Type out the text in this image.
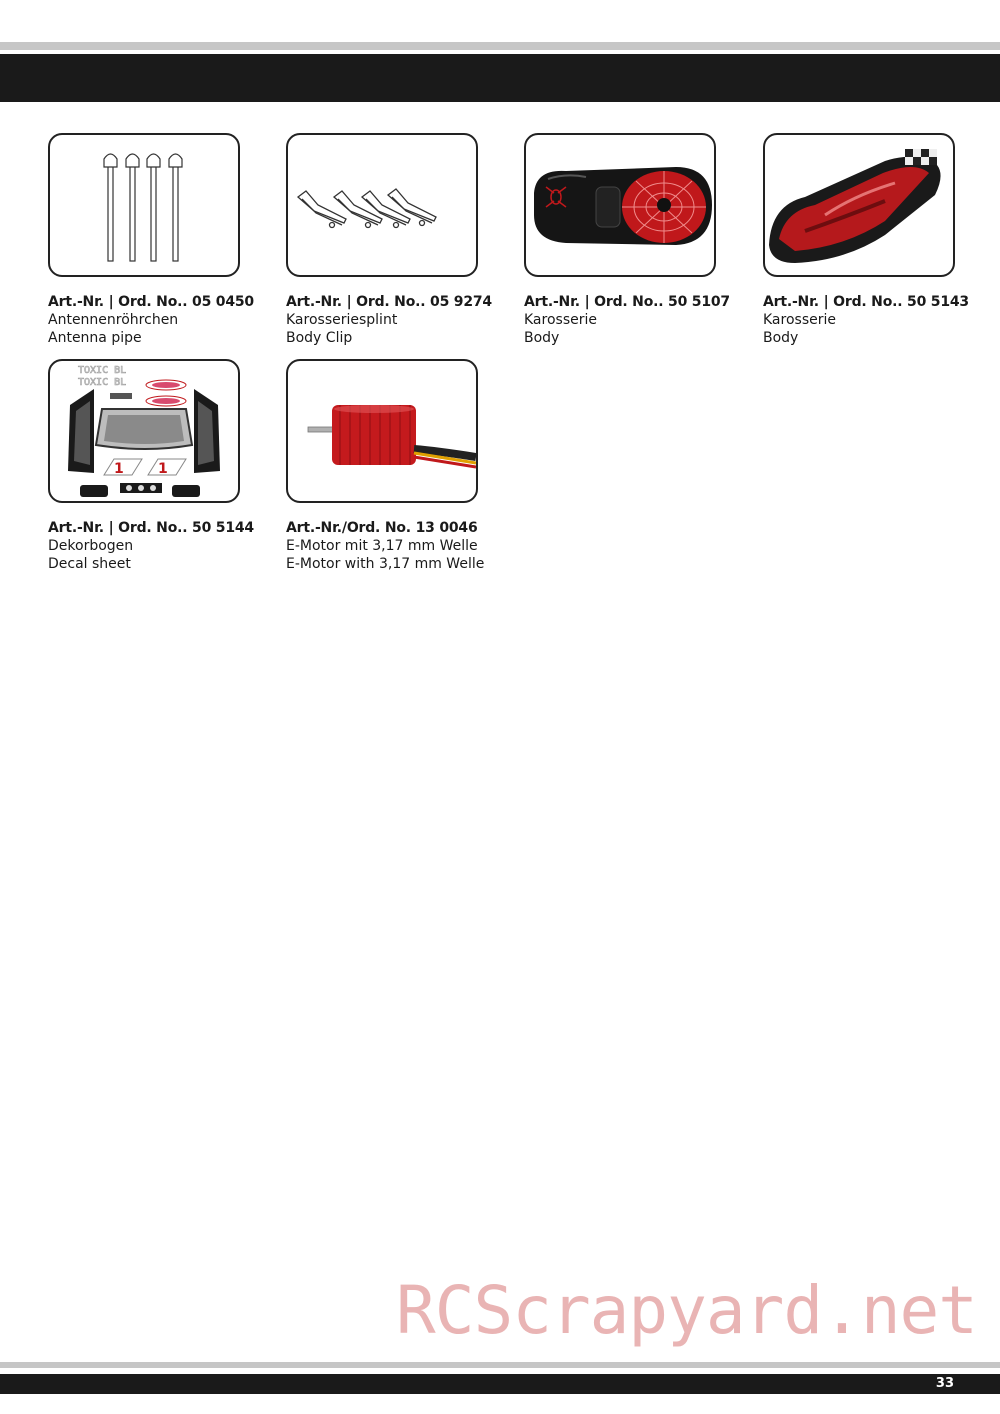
Art.-Nr. | Ord. No.. 05 0450
Antennenröhrchen
Antenna pipe
Art.-Nr. | Ord. No.. 05 9274
Karosseriesplint
Body Clip
Art.-Nr. | Ord. No.. 50 5107
Karosserie
Body
Art.-Nr. | Ord. No.. 50 5143
Karosserie
Body
TOXIC BL
TOXIC BL
1 1
Art.-Nr. | Ord. No.. 50 5144
Dekorbogen
Decal sheet
Art.-Nr./Ord. No. 13 0046
E-Motor mit 3,17 mm Welle
E-Motor with 3,17 mm Welle
RCScrapyard.net
33
